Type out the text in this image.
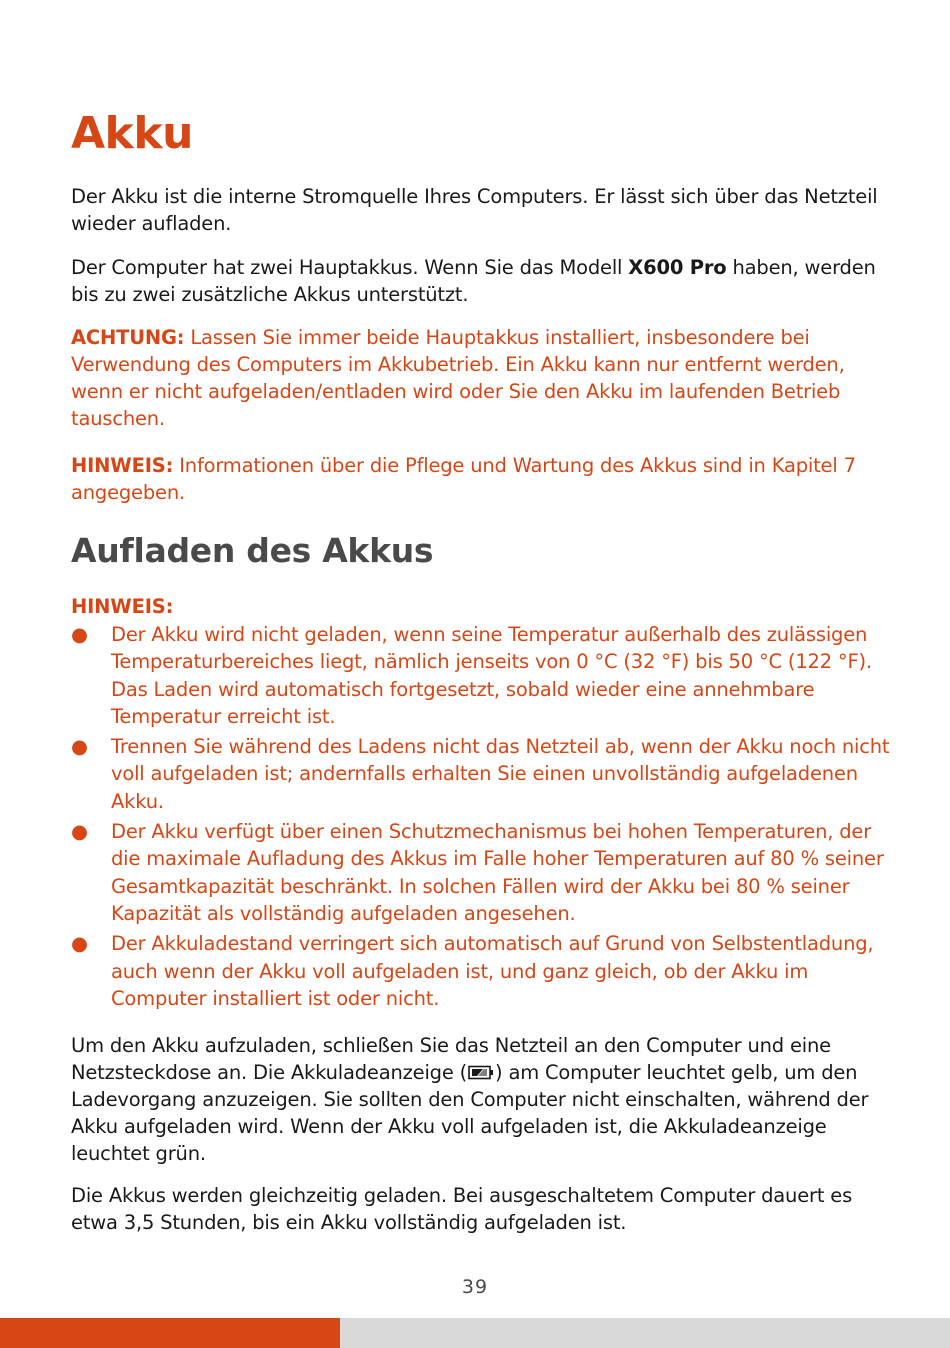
Akku

Der Akku ist die interne Stromquelle Ihres Computers. Er lässt sich über das Netzteil wieder aufladen.

Der Computer hat zwei Hauptakkus. Wenn Sie das Modell X600 Pro haben, werden bis zu zwei zusätzliche Akkus unterstützt.

ACHTUNG: Lassen Sie immer beide Hauptakkus installiert, insbesondere bei Verwendung des Computers im Akkubetrieb. Ein Akku kann nur entfernt werden, wenn er nicht aufgeladen/entladen wird oder Sie den Akku im laufenden Betrieb tauschen.

HINWEIS: Informationen über die Pflege und Wartung des Akkus sind in Kapitel 7 angegeben.

Aufladen des Akkus

HINWEIS:

● Der Akku wird nicht geladen, wenn seine Temperatur außerhalb des zulässigen Temperaturbereiches liegt, nämlich jenseits von 0 °C (32 °F) bis 50 °C (122 °F). Das Laden wird automatisch fortgesetzt, sobald wieder eine annehmbare Temperatur erreicht ist.
● Trennen Sie während des Ladens nicht das Netzteil ab, wenn der Akku noch nicht voll aufgeladen ist; andernfalls erhalten Sie einen unvollständig aufgeladenen Akku.
● Der Akku verfügt über einen Schutzmechanismus bei hohen Temperaturen, der die maximale Aufladung des Akkus im Falle hoher Temperaturen auf 80 % seiner Gesamtkapazität beschränkt. In solchen Fällen wird der Akku bei 80 % seiner Kapazität als vollständig aufgeladen angesehen.
● Der Akkuladestand verringert sich automatisch auf Grund von Selbstentladung, auch wenn der Akku voll aufgeladen ist, und ganz gleich, ob der Akku im Computer installiert ist oder nicht.

Um den Akku aufzuladen, schließen Sie das Netzteil an den Computer und eine Netzsteckdose an. Die Akkuladeanzeige ( ) am Computer leuchtet gelb, um den Ladevorgang anzuzeigen. Sie sollten den Computer nicht einschalten, während der Akku aufgeladen wird. Wenn der Akku voll aufgeladen ist, die Akkuladeanzeige leuchtet grün.

Die Akkus werden gleichzeitig geladen. Bei ausgeschaltetem Computer dauert es etwa 3,5 Stunden, bis ein Akku vollständig aufgeladen ist.

39
